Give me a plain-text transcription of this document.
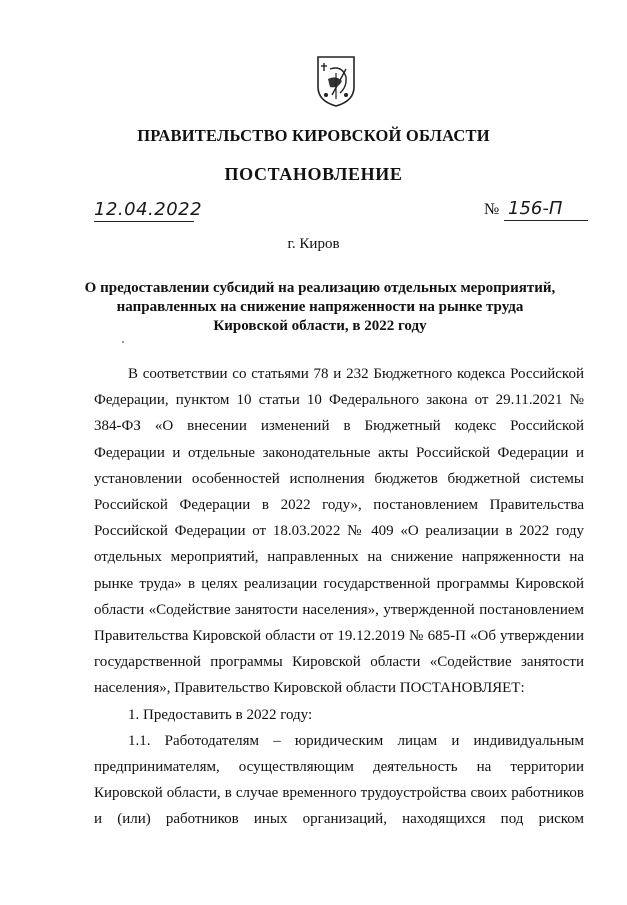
ПРАВИТЕЛЬСТВО КИРОВСКОЙ ОБЛАСТИ
ПОСТАНОВЛЕНИЕ
12.04.2022	№ 156-П
г. Киров
О предоставлении субсидий на реализацию отдельных мероприятий, направленных на снижение напряженности на рынке труда Кировской области, в 2022 году

В соответствии со статьями 78 и 232 Бюджетного кодекса Российской Федерации, пунктом 10 статьи 10 Федерального закона от 29.11.2021 № 384-ФЗ «О внесении изменений в Бюджетный кодекс Российской Федерации и отдельные законодательные акты Российской Федерации и установлении особенностей исполнения бюджетов бюджетной системы Российской Федерации в 2022 году», постановлением Правительства Российской Федерации от 18.03.2022 № 409 «О реализации в 2022 году отдельных мероприятий, направленных на снижение напряженности на рынке труда» в целях реализации государственной программы Кировской области «Содействие занятости населения», утвержденной постановлением Правительства Кировской области от 19.12.2019 № 685-П «Об утверждении государственной программы Кировской области «Содействие занятости населения», Правительство Кировской области ПОСТАНОВЛЯЕТ:

1. Предоставить в 2022 году:

1.1. Работодателям – юридическим лицам и индивидуальным предпринимателям, осуществляющим деятельность на территории Кировской области, в случае временного трудоустройства своих работников и (или) работников иных организаций, находящихся под риском
